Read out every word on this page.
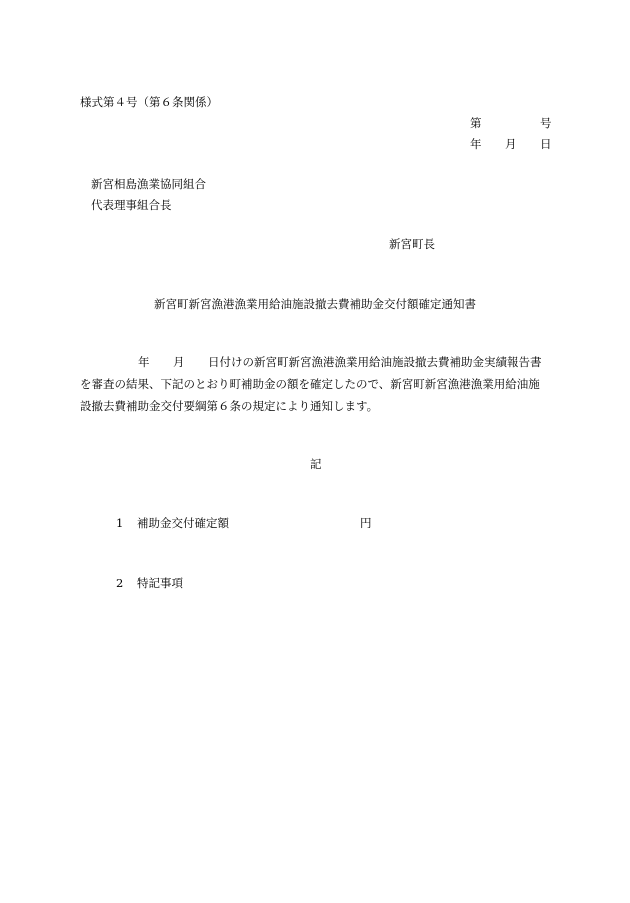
様式第４号（第６条関係）
第	号
年 月 日
新宮相島漁業協同組合
代表理事組合長
新宮町長
新宮町新宮漁港漁業用給油施設撤去費補助金交付額確定通知書
年 月 日付けの新宮町新宮漁港漁業用給油施設撤去費補助金実績報告書
を審査の結果、下記のとおり町補助金の額を確定したので、新宮町新宮漁港漁業用給油施
設撤去費補助金交付要綱第６条の規定により通知します。
記
1 補助金交付確定額	円
2 特記事項
